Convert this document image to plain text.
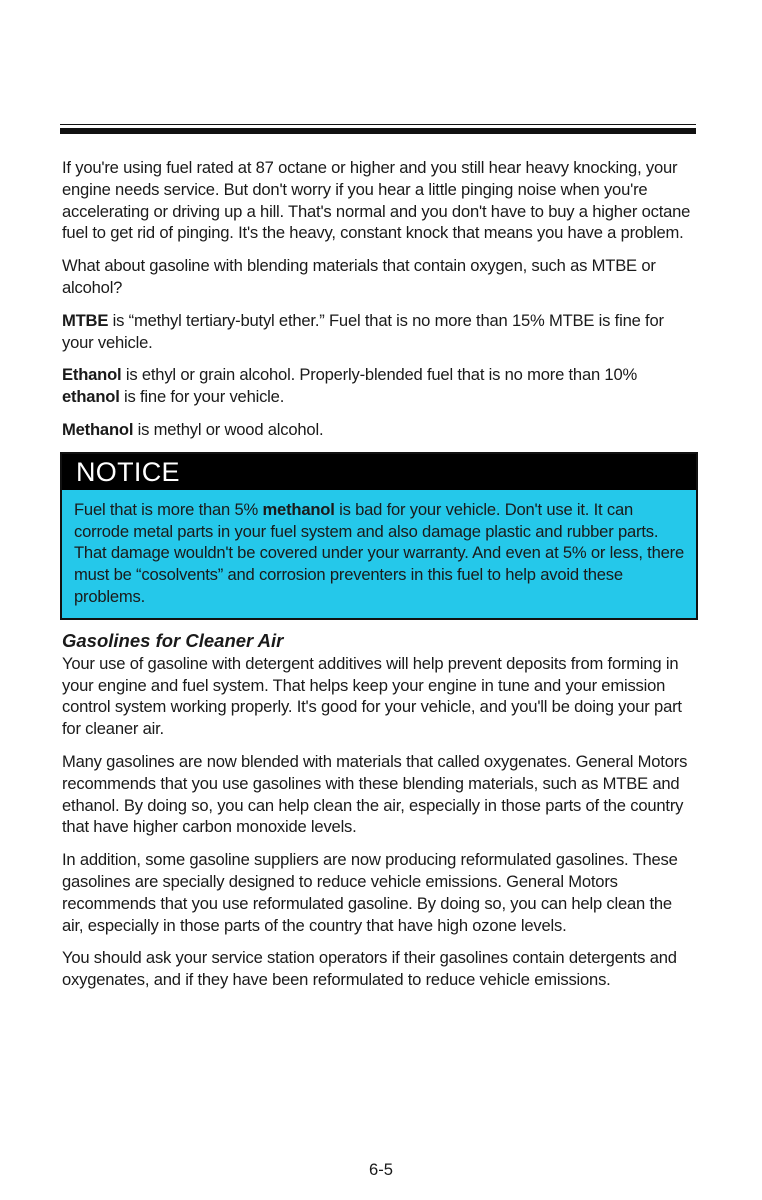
If you're using fuel rated at 87 octane or higher and you still hear heavy knocking, your engine needs service. But don't worry if you hear a little pinging noise when you're accelerating or driving up a hill. That's normal and you don't have to buy a higher octane fuel to get rid of pinging. It's the heavy, constant knock that means you have a problem.

What about gasoline with blending materials that contain oxygen, such as MTBE or alcohol?

MTBE is “methyl tertiary-butyl ether.” Fuel that is no more than 15% MTBE is fine for your vehicle.

Ethanol is ethyl or grain alcohol. Properly-blended fuel that is no more than 10% ethanol is fine for your vehicle.

Methanol is methyl or wood alcohol.

NOTICE
Fuel that is more than 5% methanol is bad for your vehicle. Don't use it. It can corrode metal parts in your fuel system and also damage plastic and rubber parts. That damage wouldn't be covered under your warranty. And even at 5% or less, there must be “cosolvents” and corrosion preventers in this fuel to help avoid these problems.
Gasolines for Cleaner Air

Your use of gasoline with detergent additives will help prevent deposits from forming in your engine and fuel system. That helps keep your engine in tune and your emission control system working properly. It's good for your vehicle, and you'll be doing your part for cleaner air.

Many gasolines are now blended with materials that called oxygenates. General Motors recommends that you use gasolines with these blending materials, such as MTBE and ethanol. By doing so, you can help clean the air, especially in those parts of the country that have higher carbon monoxide levels.

In addition, some gasoline suppliers are now producing reformulated gasolines. These gasolines are specially designed to reduce vehicle emissions. General Motors recommends that you use reformulated gasoline. By doing so, you can help clean the air, especially in those parts of the country that have high ozone levels.

You should ask your service station operators if their gasolines contain detergents and oxygenates, and if they have been reformulated to reduce vehicle emissions.

6-5
